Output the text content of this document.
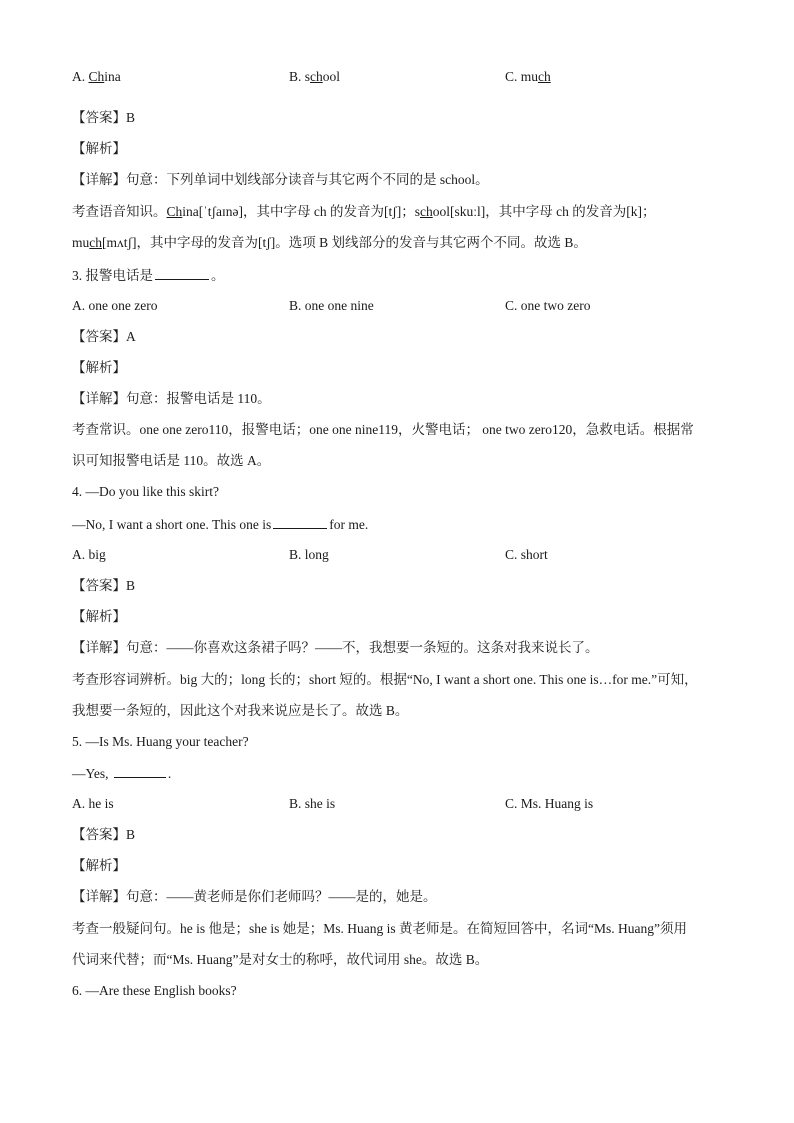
A. China	B. school	C. much
【答案】B
【解析】
【详解】句意：下列单词中划线部分读音与其它两个不同的是 school。
考查语音知识。China[ˈtʃaɪnə]，其中字母 ch 的发音为[tʃ]；school[skuːl]，其中字母 ch 的发音为[k]；
much[mʌtʃ]，其中字母的发音为[tʃ]。选项 B 划线部分的发音与其它两个不同。故选 B。
3. 报警电话是	。
A. one one zero	B. one one nine	C. one two zero
【答案】A
【解析】
【详解】句意：报警电话是 110。
考查常识。one one zero110，报警电话；one one nine119，火警电话； one two zero120，急救电话。根据常
识可知报警电话是 110。故选 A。
4. —Do you like this skirt?
—No, I want a short one. This one is	for me.
A. big	B. long	C. short
【答案】B
【解析】
【详解】句意：——你喜欢这条裙子吗？——不，我想要一条短的。这条对我来说长了。
考查形容词辨析。big 大的；long 长的；short 短的。根据“No, I want a short one. This one is…for me.”可知，
我想要一条短的，因此这个对我来说应是长了。故选 B。
5. —Is Ms. Huang your teacher?
—Yes,	.
A. he is	B. she is	C. Ms. Huang is
【答案】B
【解析】
【详解】句意：——黄老师是你们老师吗？——是的，她是。
考查一般疑问句。he is 他是；she is 她是；Ms. Huang is 黄老师是。在简短回答中，名词“Ms. Huang”须用
代词来代替；而“Ms. Huang”是对女士的称呼，故代词用 she。故选 B。
6. —Are these English books?
